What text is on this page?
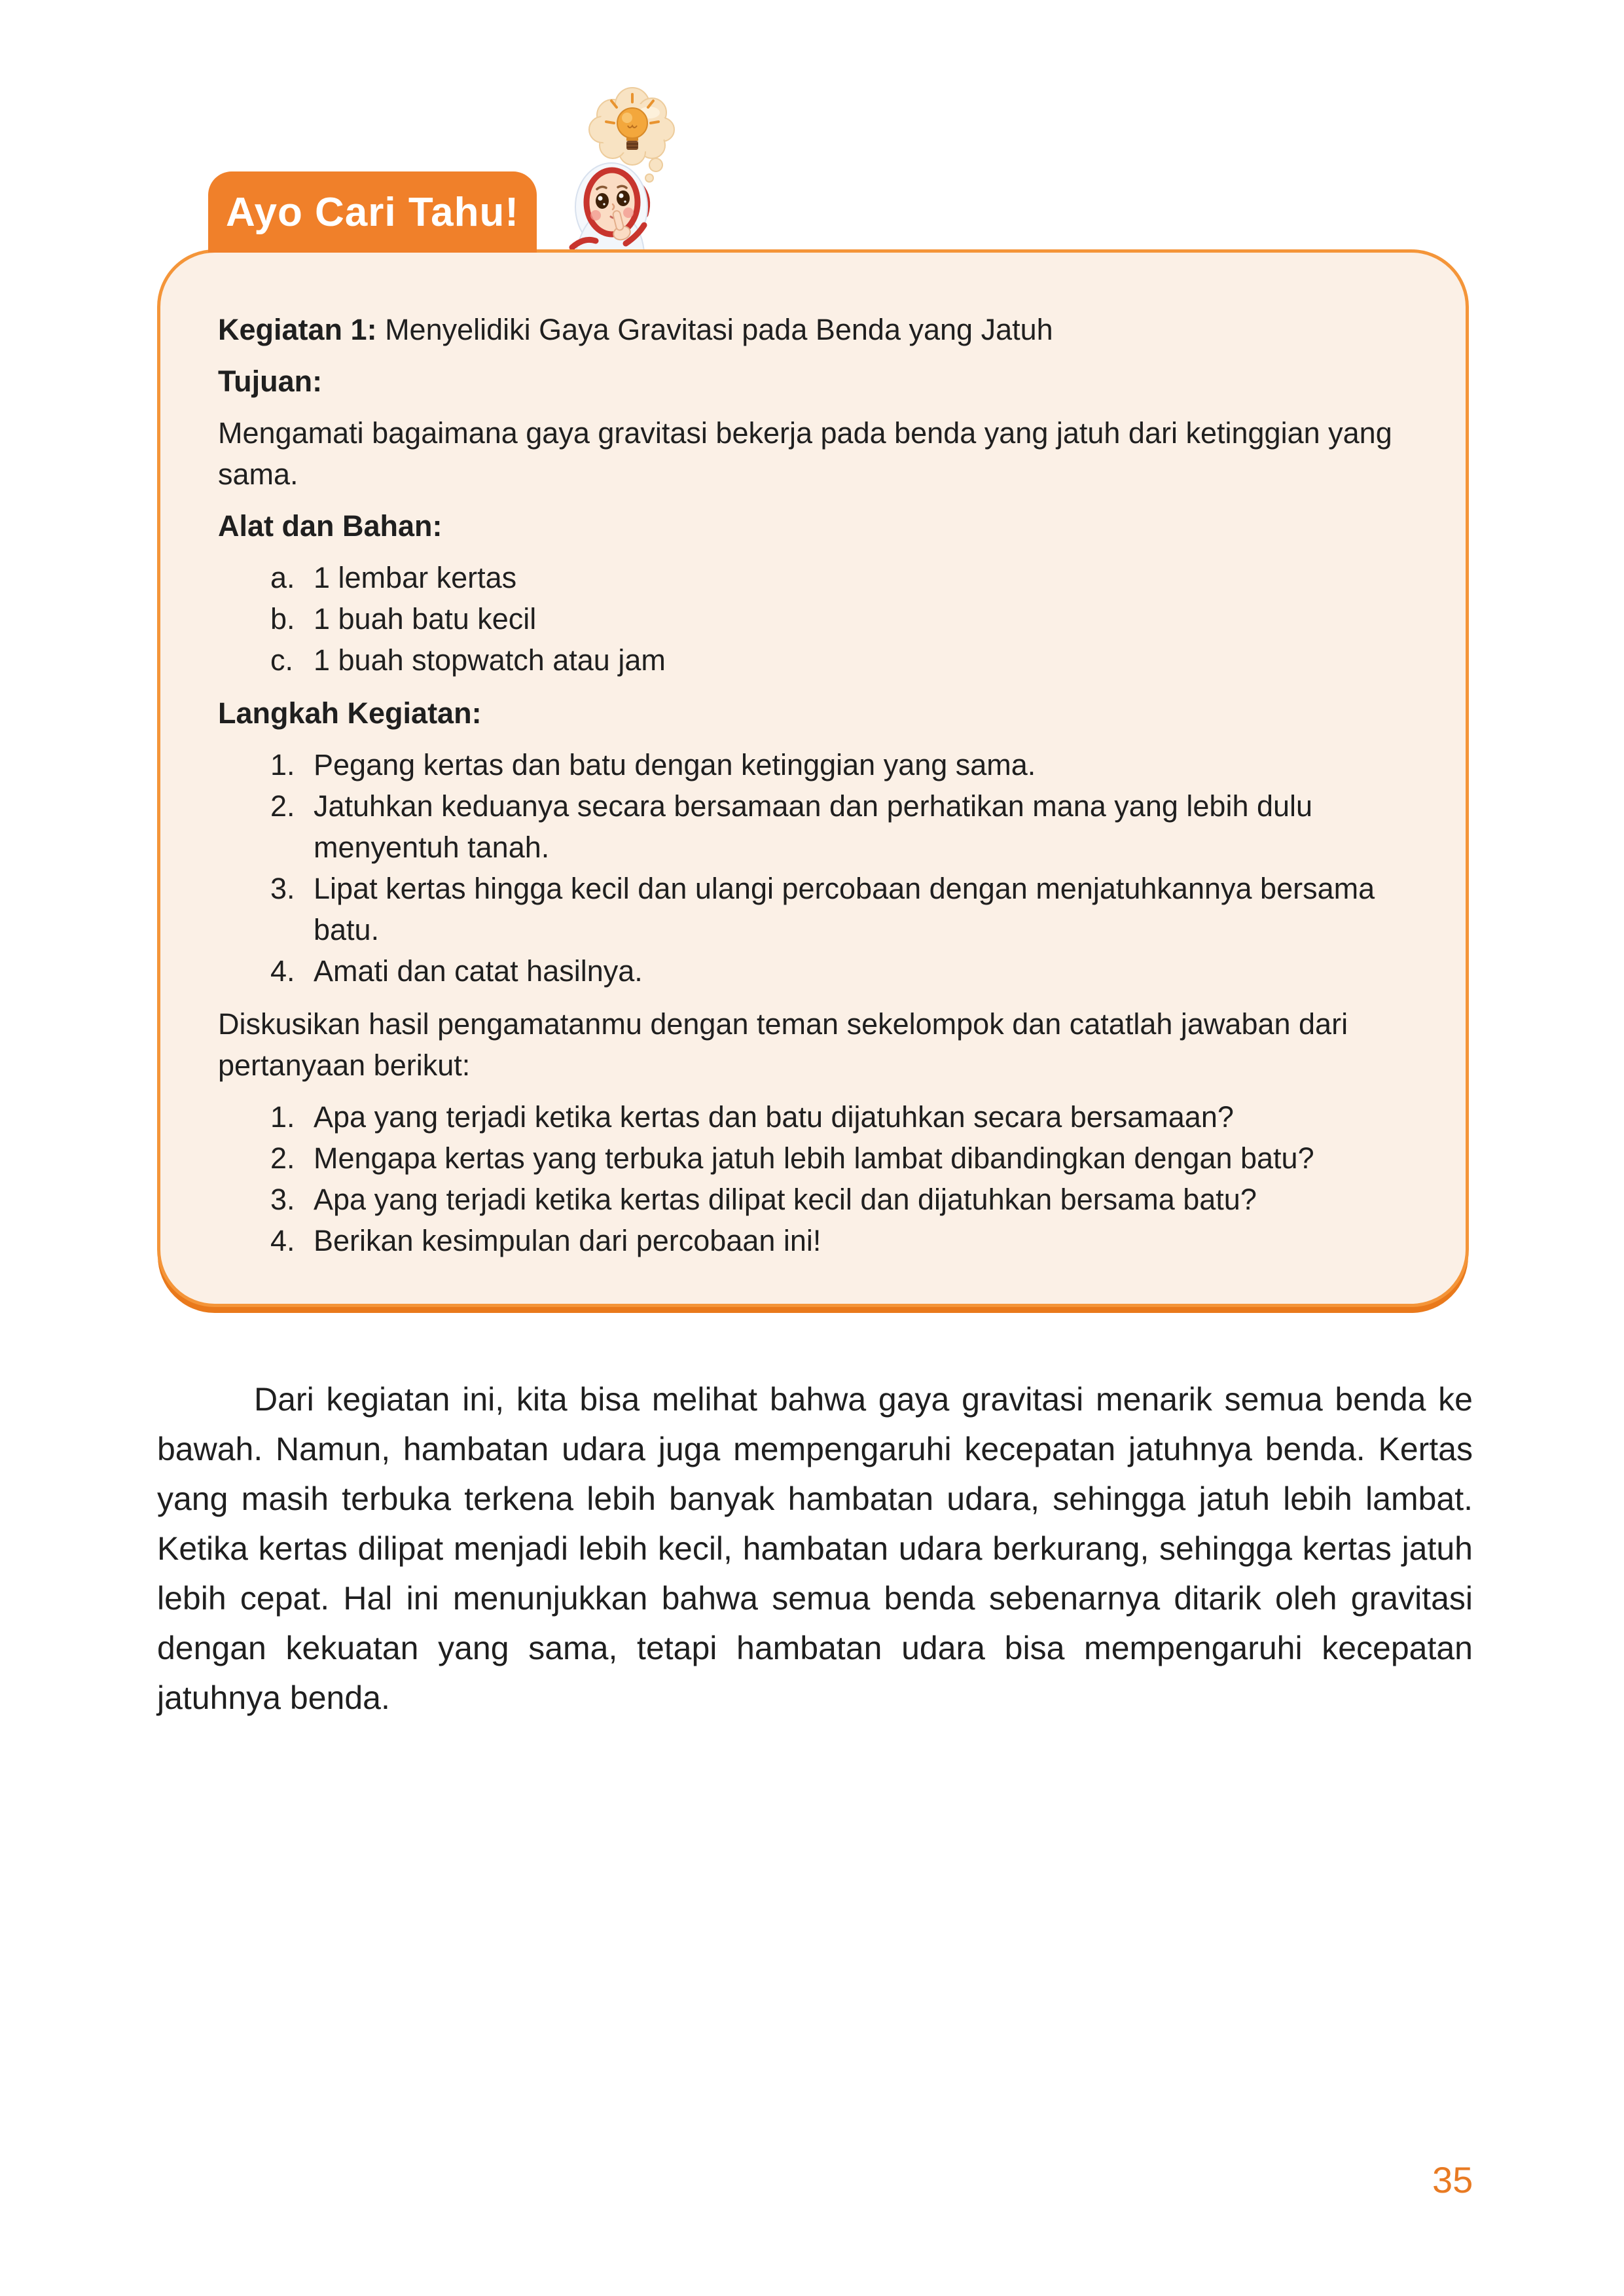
Ayo Cari Tahu!

Kegiatan 1: Menyelidiki Gaya Gravitasi pada Benda yang Jatuh

Tujuan:

Mengamati bagaimana gaya gravitasi bekerja pada benda yang jatuh dari ketinggian yang sama.

Alat dan Bahan:

a. 1 lembar kertas
b. 1 buah batu kecil
c. 1 buah stopwatch atau jam

Langkah Kegiatan:

1. Pegang kertas dan batu dengan ketinggian yang sama.
2. Jatuhkan keduanya secara bersamaan dan perhatikan mana yang lebih dulu menyentuh tanah.
3. Lipat kertas hingga kecil dan ulangi percobaan dengan menjatuhkannya bersama batu.
4. Amati dan catat hasilnya.

Diskusikan hasil pengamatanmu dengan teman sekelompok dan catatlah jawaban dari pertanyaan berikut:

1. Apa yang terjadi ketika kertas dan batu dijatuhkan secara bersamaan?
2. Mengapa kertas yang terbuka jatuh lebih lambat dibandingkan dengan batu?
3. Apa yang terjadi ketika kertas dilipat kecil dan dijatuhkan bersama batu?
4. Berikan kesimpulan dari percobaan ini!

Dari kegiatan ini, kita bisa melihat bahwa gaya gravitasi menarik semua benda ke bawah. Namun, hambatan udara juga mempengaruhi kecepatan jatuhnya benda. Kertas yang masih terbuka terkena lebih banyak hambatan udara, sehingga jatuh lebih lambat. Ketika kertas dilipat menjadi lebih kecil, hambatan udara berkurang, sehingga kertas jatuh lebih cepat. Hal ini menunjukkan bahwa semua benda sebenarnya ditarik oleh gravitasi dengan kekuatan yang sama, tetapi hambatan udara bisa mempengaruhi kecepatan jatuhnya benda.

35
